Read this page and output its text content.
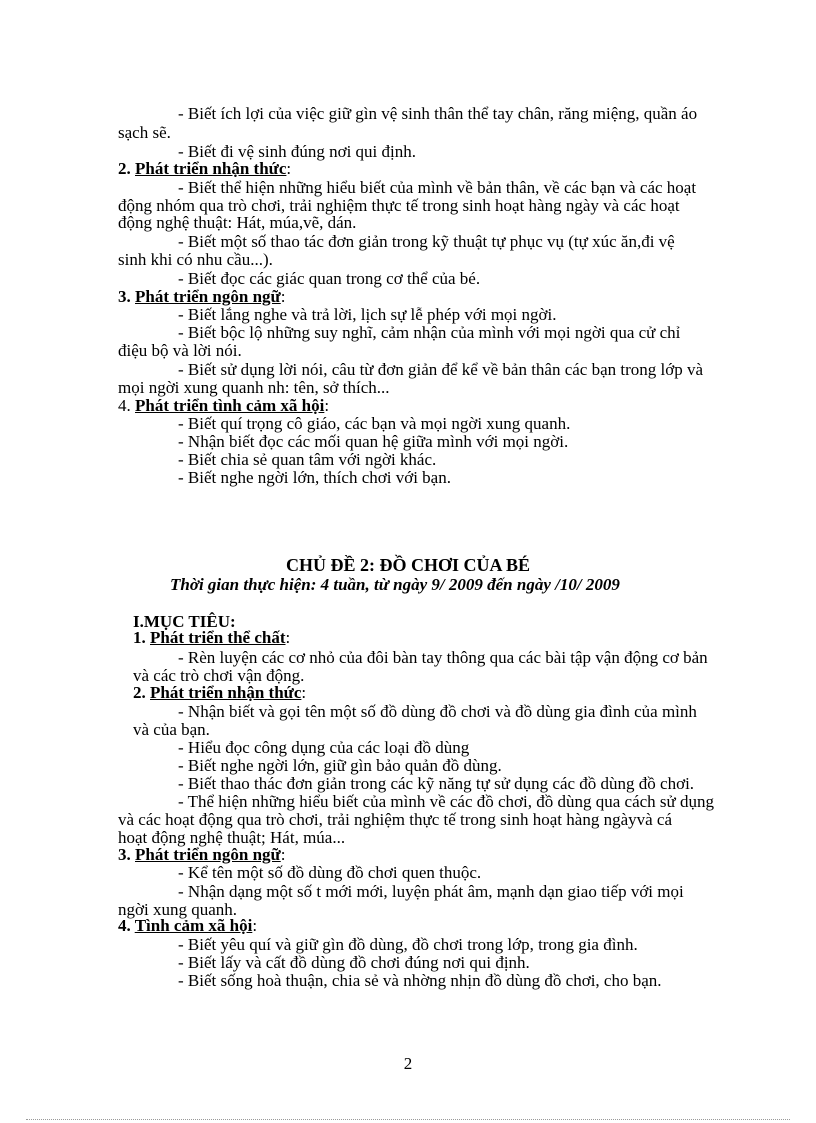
- Biết ích lợi của việc giữ gìn vệ sinh thân thể tay chân, răng miệng, quần áo
sạch sẽ.
- Biết đi vệ sinh đúng nơi qui định.
2. Phát triển nhận thức:
- Biết thể hiện những hiểu biết của mình về bản thân, về các bạn và các hoạt
động nhóm qua trò chơi, trải nghiệm thực tế trong sinh hoạt hàng ngày và các hoạt
động nghệ thuật: Hát, múa,vẽ, dán.
- Biết một số thao tác đơn giản trong kỹ thuật tự phục vụ (tự xúc ăn,đi vệ
sinh khi có nhu cầu...).
- Biết đọc các giác quan trong cơ thể của bé.
3. Phát triển ngôn ngữ:
- Biết lắng nghe và trả lời, lịch sự lễ phép với mọi ngời.
- Biết bộc lộ những suy nghĩ, cảm nhận của mình với mọi ngời qua cử chỉ
điệu bộ và lời nói.
- Biết sử dụng lời nói, câu từ đơn giản để kể về bản thân các bạn trong lớp và
mọi ngời xung quanh nh: tên, sở thích...
4. Phát triển tình cảm xã hội:
- Biết quí trọng cô giáo, các bạn và mọi ngời xung quanh.
- Nhận biết đọc các mối quan hệ giữa mình với mọi ngời.
- Biết chia sẻ quan tâm với ngời khác.
- Biết nghe ngời lớn, thích chơi với bạn.
CHỦ ĐỀ 2: ĐỒ CHƠI CỦA BÉ
Thời gian thực hiện: 4 tuần, từ ngày 9/ 2009 đến ngày /10/ 2009
I.MỤC TIÊU:
1. Phát triển thể chất:
- Rèn luyện các cơ nhỏ của đôi bàn tay thông qua các bài tập vận động cơ bản
và các trò chơi vận động.
2. Phát triển nhận thức:
- Nhận biết và gọi tên một số đồ dùng đồ chơi và đồ dùng gia đình của mình
và của bạn.
- Hiểu đọc công dụng của các loại đồ dùng
- Biết nghe ngời lớn, giữ gìn bảo quản đồ dùng.
- Biết thao thác đơn giản trong các kỹ năng tự sử dụng các đồ dùng đồ chơi.
- Thể hiện những hiểu biết của mình về các đồ chơi, đồ dùng qua cách sử dụng
và các hoạt động qua trò chơi, trải nghiệm thực tế trong sinh hoạt hàng ngàyvà cá
hoạt động nghệ thuật; Hát, múa...
3. Phát triển ngôn ngữ:
- Kể tên một số đồ dùng đồ chơi quen thuộc.
- Nhận dạng một số t mới mới, luyện phát âm, mạnh dạn giao tiếp với mọi
ngời xung quanh.
4. Tình cảm xã hội:
- Biết yêu quí và giữ gìn đồ dùng, đồ chơi trong lớp, trong gia đình.
- Biết lấy và cất đồ dùng đồ chơi đúng nơi qui định.
- Biết sống hoà thuận, chia sẻ và nhờng nhịn đồ dùng đồ chơi, cho bạn.
2
